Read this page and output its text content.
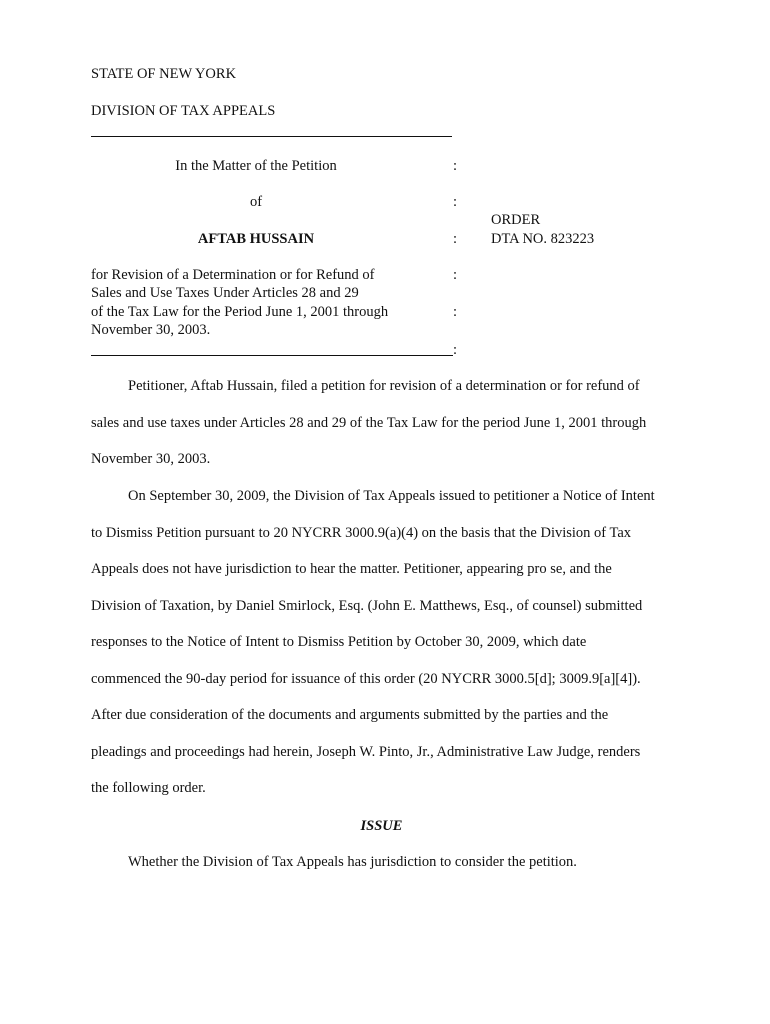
STATE OF NEW YORK
DIVISION OF TAX APPEALS
In the Matter of the Petition
of
AFTAB HUSSAIN
for Revision of a Determination or for Refund of
Sales and Use Taxes Under Articles 28 and 29
of the Tax Law for the Period June 1, 2001 through
November 30, 2003.
:
:
:
:
:
:
ORDER
DTA NO. 823223

Petitioner, Aftab Hussain, filed a petition for revision of a determination or for refund of

sales and use taxes under Articles 28 and 29 of the Tax Law for the period June 1, 2001 through

November 30, 2003.

On September 30, 2009, the Division of Tax Appeals issued to petitioner a Notice of Intent

to Dismiss Petition pursuant to 20 NYCRR 3000.9(a)(4) on the basis that the Division of Tax

Appeals does not have jurisdiction to hear the matter. Petitioner, appearing pro se, and the

Division of Taxation, by Daniel Smirlock, Esq. (John E. Matthews, Esq., of counsel) submitted

responses to the Notice of Intent to Dismiss Petition by October 30, 2009, which date

commenced the 90-day period for issuance of this order (20 NYCRR 3000.5[d]; 3009.9[a][4]).

After due consideration of the documents and arguments submitted by the parties and the

pleadings and proceedings had herein, Joseph W. Pinto, Jr., Administrative Law Judge, renders

the following order.

ISSUE
Whether the Division of Tax Appeals has jurisdiction to consider the petition.
